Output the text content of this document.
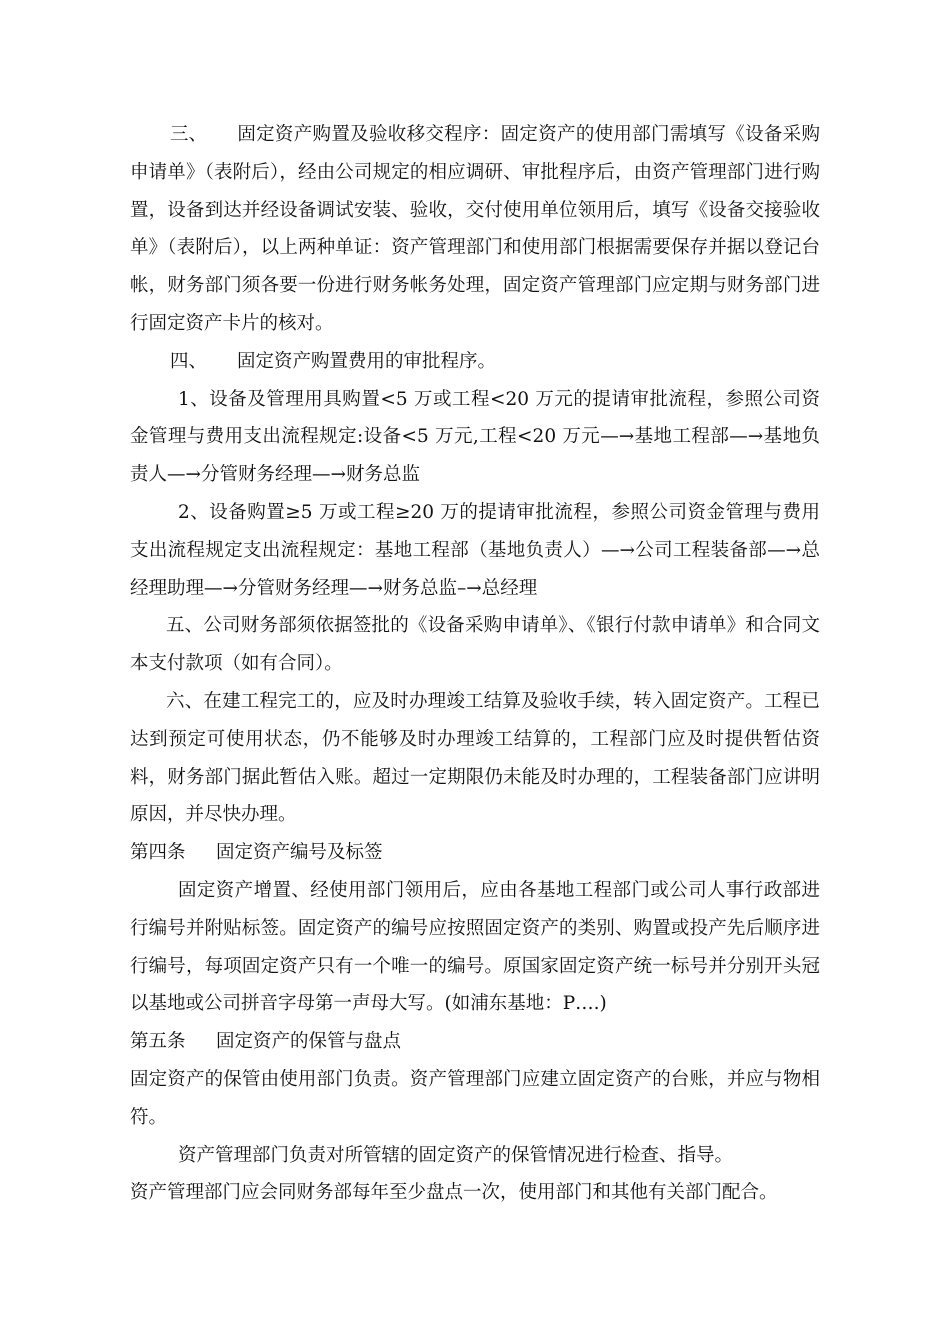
三、 固定资产购置及验收移交程序：固定资产的使用部门需填写《设备采购申请单》（表附后），经由公司规定的相应调研、审批程序后，由资产管理部门进行购置，设备到达并经设备调试安装、验收，交付使用单位领用后，填写《设备交接验收单》（表附后），以上两种单证：资产管理部门和使用部门根据需要保存并据以登记台帐，财务部门须各要一份进行财务帐务处理，固定资产管理部门应定期与财务部门进行固定资产卡片的核对。

四、 固定资产购置费用的审批程序。

1、设备及管理用具购置<5 万或工程<20 万元的提请审批流程，参照公司资金管理与费用支出流程规定:设备<5 万元,工程<20 万元—→基地工程部—→基地负责人—→分管财务经理—→财务总监

2、设备购置≥5 万或工程≥20 万的提请审批流程，参照公司资金管理与费用支出流程规定支出流程规定：基地工程部（基地负责人）—→公司工程装备部—→总经理助理—→分管财务经理—→财务总监–→总经理

五、公司财务部须依据签批的《设备采购申请单》、《银行付款申请单》和合同文本支付款项（如有合同）。

六、在建工程完工的，应及时办理竣工结算及验收手续，转入固定资产。工程已达到预定可使用状态，仍不能够及时办理竣工结算的，工程部门应及时提供暂估资料，财务部门据此暂估入账。超过一定期限仍未能及时办理的，工程装备部门应讲明原因，并尽快办理。

第四条 固定资产编号及标签

固定资产增置、经使用部门领用后，应由各基地工程部门或公司人事行政部进行编号并附贴标签。固定资产的编号应按照固定资产的类别、购置或投产先后顺序进行编号，每项固定资产只有一个唯一的编号。原国家固定资产统一标号并分别开头冠以基地或公司拼音字母第一声母大写。(如浦东基地：P….)

第五条 固定资产的保管与盘点

固定资产的保管由使用部门负责。资产管理部门应建立固定资产的台账，并应与物相符。

资产管理部门负责对所管辖的固定资产的保管情况进行检查、指导。

资产管理部门应会同财务部每年至少盘点一次，使用部门和其他有关部门配合。
